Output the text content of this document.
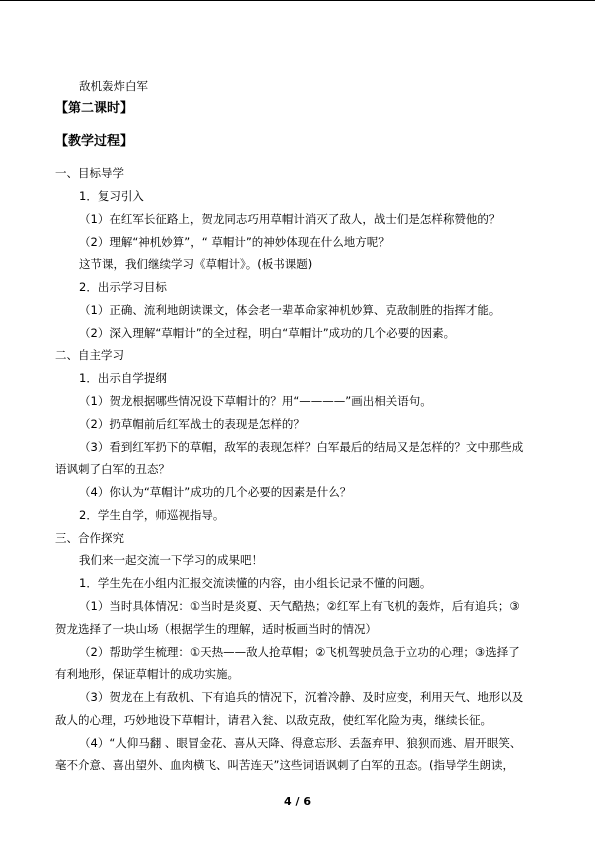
敌机轰炸白军
【第二课时】
【教学过程】
一、目标导学
1．复习引入
（1）在红军长征路上，贺龙同志巧用草帽计消灭了敌人，战士们是怎样称赞他的？
（2）理解“神机妙算”，“ 草帽计”的神妙体现在什么地方呢？
这节课，我们继续学习《草帽计》。(板书课题)
2．出示学习目标
（1）正确、流利地朗读课文，体会老一辈革命家神机妙算、克敌制胜的指挥才能。
（2）深入理解“草帽计”的全过程，明白“草帽计”成功的几个必要的因素。
二、自主学习
1．出示自学提纲
（1）贺龙根据哪些情况设下草帽计的？用“————”画出相关语句。
（2）扔草帽前后红军战士的表现是怎样的？
（3）看到红军扔下的草帽，敌军的表现怎样？白军最后的结局又是怎样的？文中那些成
语讽刺了白军的丑态？
（4）你认为“草帽计”成功的几个必要的因素是什么？
2．学生自学，师巡视指导。
三、合作探究
我们来一起交流一下学习的成果吧！
1．学生先在小组内汇报交流读懂的内容，由小组长记录不懂的问题。
（1）当时具体情况：①当时是炎夏、天气酷热；②红军上有飞机的轰炸，后有追兵；③
贺龙选择了一块山场（根据学生的理解，适时板画当时的情况）
（2）帮助学生梳理：①天热——敌人抢草帽；②飞机驾驶员急于立功的心理；③选择了
有利地形，保证草帽计的成功实施。
（3）贺龙在上有敌机、下有追兵的情况下，沉着冷静、及时应变，利用天气、地形以及
敌人的心理，巧妙地设下草帽计，请君入瓮、以敌克敌，使红军化险为夷，继续长征。
（4）“人仰马翻 、眼冒金花、喜从天降、得意忘形、丢盔弃甲、狼狈而逃、眉开眼笑、
毫不介意、喜出望外、血肉横飞、叫苦连天”这些词语讽刺了白军的丑态。(指导学生朗读，
4 / 6
